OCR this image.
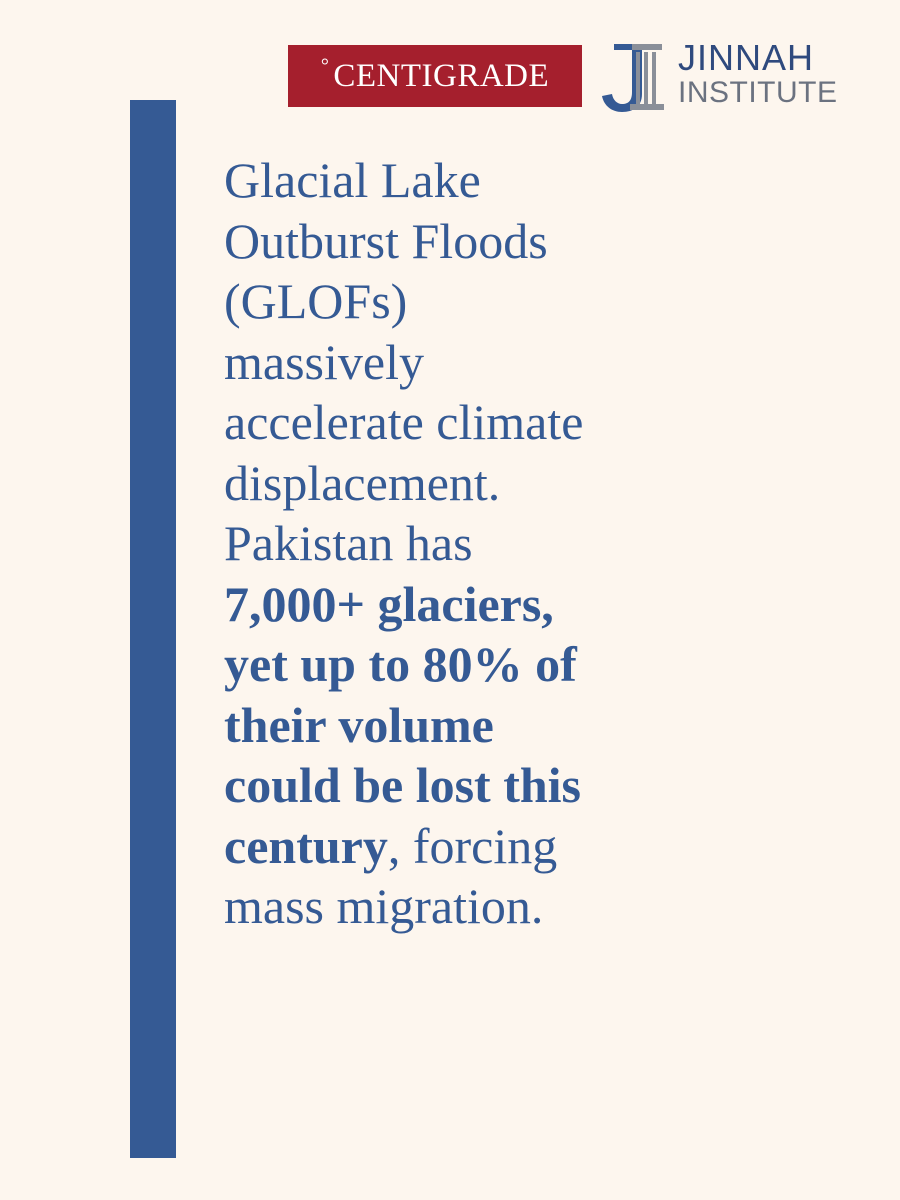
° CENTIGRADE	JINNAH
INSTITUTE
Glacial Lake
Outburst Floods
(GLOFs)
massively
accelerate climate
displacement.
Pakistan has
7,000+ glaciers,
yet up to 80% of
their volume
could be lost this
century, forcing
mass migration.
